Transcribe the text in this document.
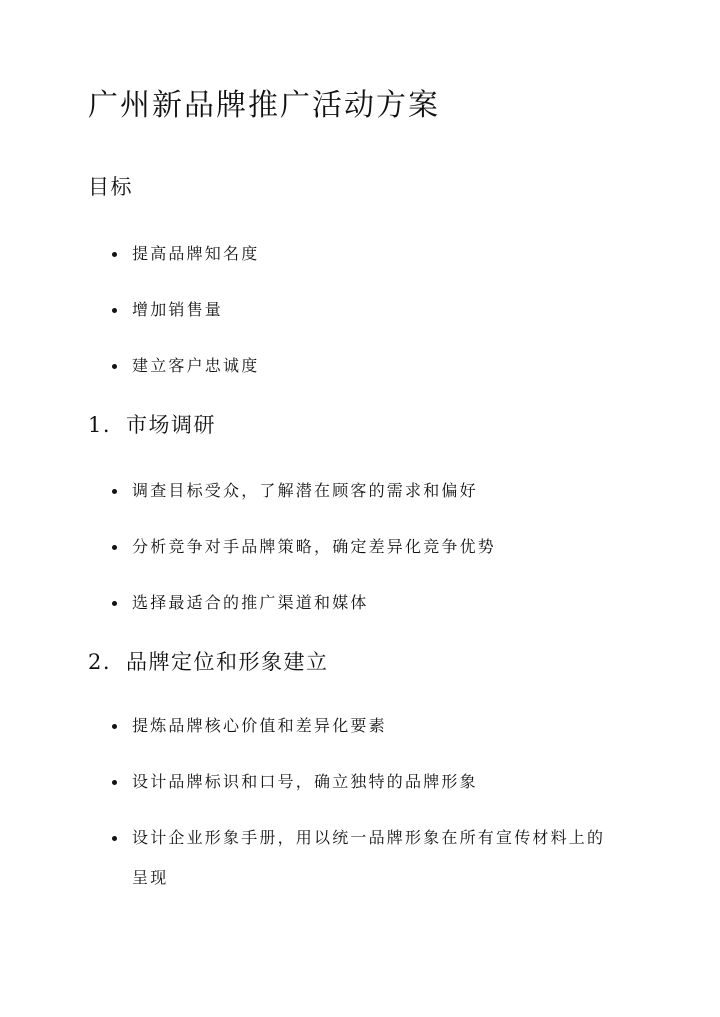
广州新品牌推广活动方案
目标
提高品牌知名度
增加销售量
建立客户忠诚度
1. 市场调研
调查目标受众，了解潜在顾客的需求和偏好
分析竞争对手品牌策略，确定差异化竞争优势
选择最适合的推广渠道和媒体
2. 品牌定位和形象建立
提炼品牌核心价值和差异化要素
设计品牌标识和口号，确立独特的品牌形象
设计企业形象手册，用以统一品牌形象在所有宣传材料上的
呈现
